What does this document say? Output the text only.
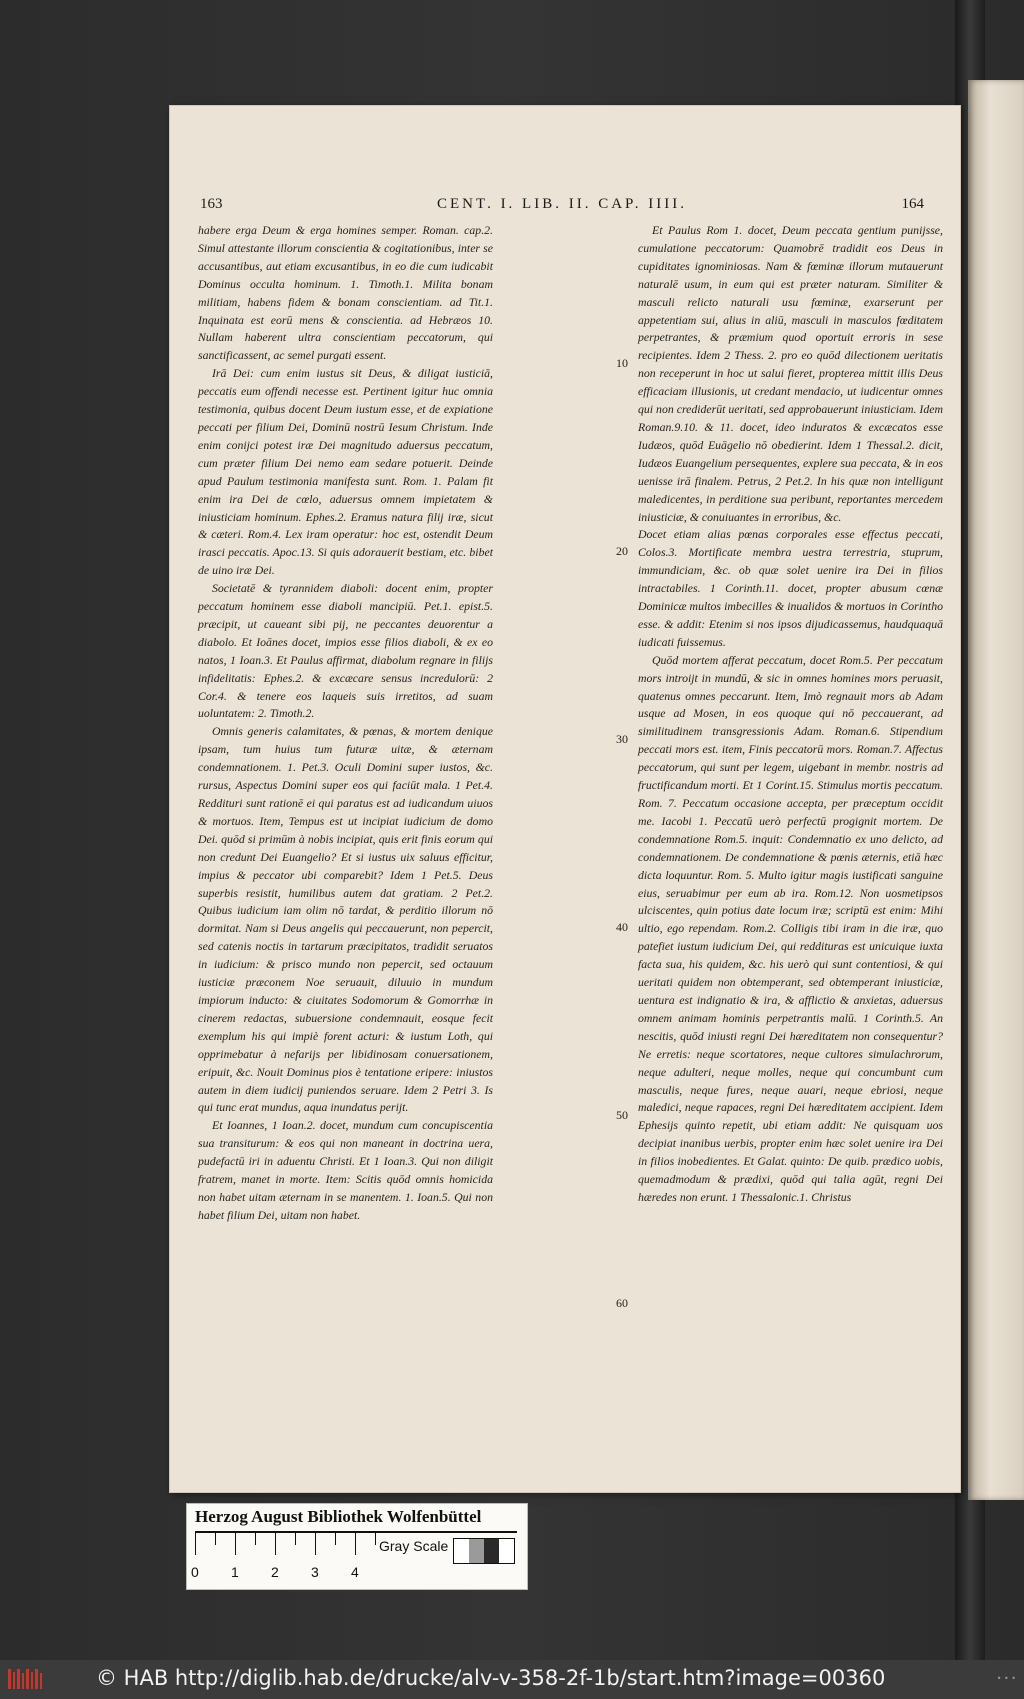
163	CENT. I. LIB. II. CAP. IIII.	164

habere erga Deum & erga homines semper. Roman. cap.2. Simul attestante illorum conscientia & cogitationibus, inter se accusantibus, aut etiam excusantibus, in eo die cum iudicabit Dominus occulta hominum. 1. Timoth.1. Milita bonam militiam, habens fidem & bonam conscientiam. ad Tit.1. Inquinata est eorū mens & conscientia. ad Hebræos 10. Nullam haberent ultra conscientiam peccatorum, qui sanctificassent, ac semel purgati essent.

Irā Dei: cum enim iustus sit Deus, & diligat iusticiā, peccatis eum offendi necesse est. Pertinent igitur huc omnia testimonia, quibus docent Deum iustum esse, et de expiatione peccati per filium Dei, Dominū nostrū Iesum Christum. Inde enim conijci potest iræ Dei magnitudo aduersus peccatum, cum præter filium Dei nemo eam sedare potuerit. Deinde apud Paulum testimonia manifesta sunt. Rom. 1. Palam fit enim ira Dei de cœlo, aduersus omnem impietatem & iniusticiam hominum. Ephes.2. Eramus natura filij iræ, sicut & cæteri. Rom.4. Lex iram operatur: hoc est, ostendit Deum irasci peccatis. Apoc.13. Si quis adorauerit bestiam, etc. bibet de uino iræ Dei.

Societatē & tyrannidem diaboli: docent enim, propter peccatum hominem esse diaboli mancipiū. Pet.1. epist.5. præcipit, ut caueant sibi pij, ne peccantes deuorentur a diabolo. Et Ioānes docet, impios esse filios diaboli, & ex eo natos, 1 Ioan.3. Et Paulus affirmat, diabolum regnare in filijs infidelitatis: Ephes.2. & excæcare sensus incredulorū: 2 Cor.4. & tenere eos laqueis suis irretitos, ad suam uoluntatem: 2. Timoth.2.

Omnis generis calamitates, & pœnas, & mortem denique ipsam, tum huius tum futuræ uitæ, & æternam condemnationem. 1. Pet.3. Oculi Domini super iustos, &c. rursus, Aspectus Domini super eos qui faciūt mala. 1 Pet.4. Reddituri sunt rationē ei qui paratus est ad iudicandum uiuos & mortuos. Item, Tempus est ut incipiat iudicium de domo Dei. quōd si primūm à nobis incipiat, quis erit finis eorum qui non credunt Dei Euangelio? Et si iustus uix saluus efficitur, impius & peccator ubi comparebit? Idem 1 Pet.5. Deus superbis resistit, humilibus autem dat gratiam. 2 Pet.2. Quibus iudicium iam olim nō tardat, & perditio illorum nō dormitat. Nam si Deus angelis qui peccauerunt, non pepercit, sed catenis noctis in tartarum præcipitatos, tradidit seruatos in iudicium: & prisco mundo non pepercit, sed octauum iusticiæ præconem Noe seruauit, diluuio in mundum impiorum inducto: & ciuitates Sodomorum & Gomorrhæ in cinerem redactas, subuersione condemnauit, eosque fecit exemplum his qui impiè forent acturi: & iustum Loth, qui opprimebatur à nefarijs per libidinosam conuersationem, eripuit, &c. Nouit Dominus pios è tentatione eripere: iniustos autem in diem iudicij puniendos seruare. Idem 2 Petri 3. Is qui tunc erat mundus, aqua inundatus perijt.

Et Ioannes, 1 Ioan.2. docet, mundum cum concupiscentia sua transiturum: & eos qui non maneant in doctrina uera, pudefactū iri in aduentu Christi. Et 1 Ioan.3. Qui non diligit fratrem, manet in morte. Item: Scitis quōd omnis homicida non habet uitam æternam in se manentem. 1. Ioan.5. Qui non habet filium Dei, uitam non habet.

10
20
30
40
50
60

Et Paulus Rom 1. docet, Deum peccata gentium punijsse, cumulatione peccatorum: Quamobrē tradidit eos Deus in cupiditates ignominiosas. Nam & fœminæ illorum mutauerunt naturalē usum, in eum qui est præter naturam. Similiter & masculi relicto naturali usu fœminæ, exarserunt per appetentiam sui, alius in aliū, masculi in masculos fœditatem perpetrantes, & præmium quod oportuit erroris in sese recipientes. Idem 2 Thess. 2. pro eo quōd dilectionem ueritatis non receperunt in hoc ut salui fieret, propterea mittit illis Deus efficaciam illusionis, ut credant mendacio, ut iudicentur omnes qui non crediderūt ueritati, sed approbauerunt iniusticiam. Idem Roman.9.10. & 11. docet, ideo induratos & excæcatos esse Iudæos, quōd Euāgelio nō obedierint. Idem 1 Thessal.2. dicit, Iudæos Euangelium persequentes, explere sua peccata, & in eos uenisse irā finalem. Petrus, 2 Pet.2. In his quæ non intelligunt maledicentes, in perditione sua peribunt, reportantes mercedem iniusticiæ, & conuiuantes in erroribus, &c.

Docet etiam alias pœnas corporales esse effectus peccati, Colos.3. Mortificate membra uestra terrestria, stuprum, immundiciam, &c. ob quæ solet uenire ira Dei in filios intractabiles. 1 Corinth.11. docet, propter abusum cœnæ Dominicæ multos imbecilles & inualidos & mortuos in Corintho esse. & addit: Etenim si nos ipsos dijudicassemus, haudquaquā iudicati fuissemus.

Quōd mortem afferat peccatum, docet Rom.5. Per peccatum mors introijt in mundū, & sic in omnes homines mors peruasit, quatenus omnes peccarunt. Item, Imò regnauit mors ab Adam usque ad Mosen, in eos quoque qui nō peccauerant, ad similitudinem transgressionis Adam. Roman.6. Stipendium peccati mors est. item, Finis peccatorū mors. Roman.7. Affectus peccatorum, qui sunt per legem, uigebant in membr. nostris ad fructificandum morti. Et 1 Corint.15. Stimulus mortis peccatum. Rom. 7. Peccatum occasione accepta, per præceptum occidit me. Iacobi 1. Peccatū uerò perfectū progignit mortem. De condemnatione Rom.5. inquit: Condemnatio ex uno delicto, ad condemnationem. De condemnatione & pœnis æternis, etiā hæc dicta loquuntur. Rom. 5. Multo igitur magis iustificati sanguine eius, seruabimur per eum ab ira. Rom.12. Non uosmetipsos ulciscentes, quin potius date locum iræ; scriptū est enim: Mihi ultio, ego rependam. Rom.2. Colligis tibi iram in die iræ, quo patefiet iustum iudicium Dei, qui reddituras est unicuique iuxta facta sua, his quidem, &c. his uerò qui sunt contentiosi, & qui ueritati quidem non obtemperant, sed obtemperant iniusticiæ, uentura est indignatio & ira, & afflictio & anxietas, aduersus omnem animam hominis perpetrantis malū. 1 Corinth.5. An nescitis, quōd iniusti regni Dei hæreditatem non consequentur? Ne erretis: neque scortatores, neque cultores simulachrorum, neque adulteri, neque molles, neque qui concumbunt cum masculis, neque fures, neque auari, neque ebriosi, neque maledici, neque rapaces, regni Dei hæreditatem accipient. Idem Ephesijs quinto repetit, ubi etiam addit: Ne quisquam uos decipiat inanibus uerbis, propter enim hæc solet uenire ira Dei in filios inobedientes. Et Galat. quinto: De quib. prædico uobis, quemadmodum & prædixi, quōd qui talia agūt, regni Dei hæredes non erunt. 1 Thessalonic.1. Christus

Herzog August Bibliothek Wolfenbüttel
0 1 2 3 4
Gray Scale
© HAB http://diglib.hab.de/drucke/alv-v-358-2f-1b/start.htm?image=00360	• • •
